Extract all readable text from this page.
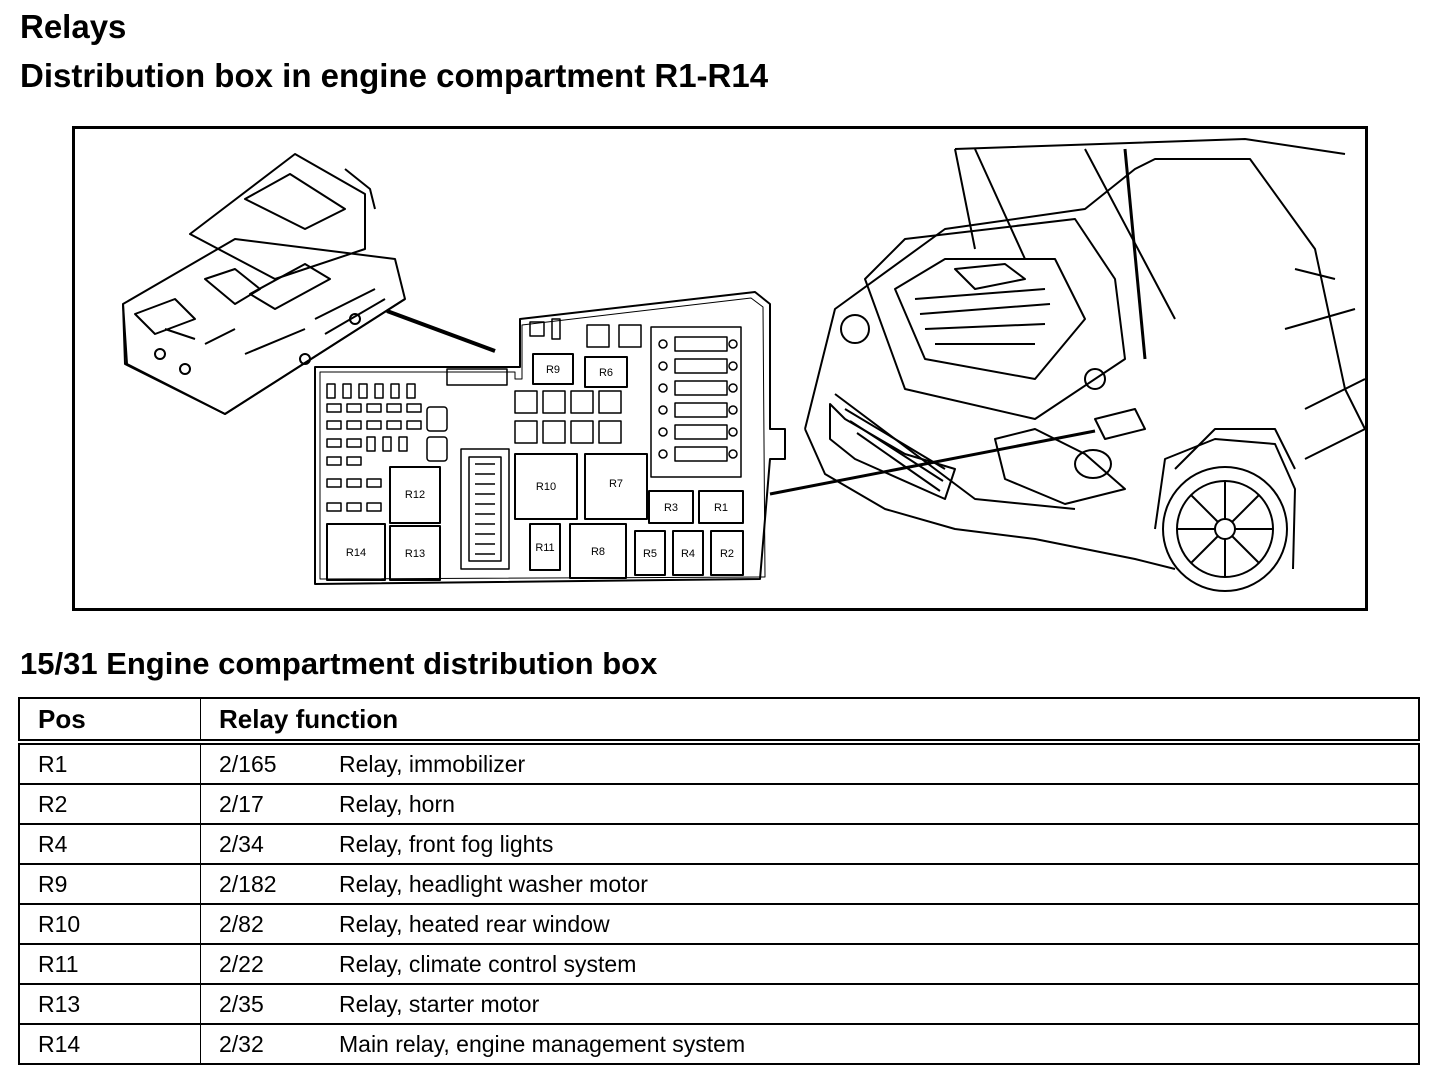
Relays
Distribution box in engine compartment R1-R14
R9	R6
R10	R7
R12
R14	R13	R11	R8	R5 R4 R2
R3	R1
15/31 Engine compartment distribution box
Pos	Relay function	
R1	2/165	Relay, immobilizer
R2	2/17	Relay, horn
R4	2/34	Relay, front fog lights
R9	2/182	Relay, headlight washer motor
R10	2/82	Relay, heated rear window
R11	2/22	Relay, climate control system
R13	2/35	Relay, starter motor
R14	2/32	Main relay, engine management system
